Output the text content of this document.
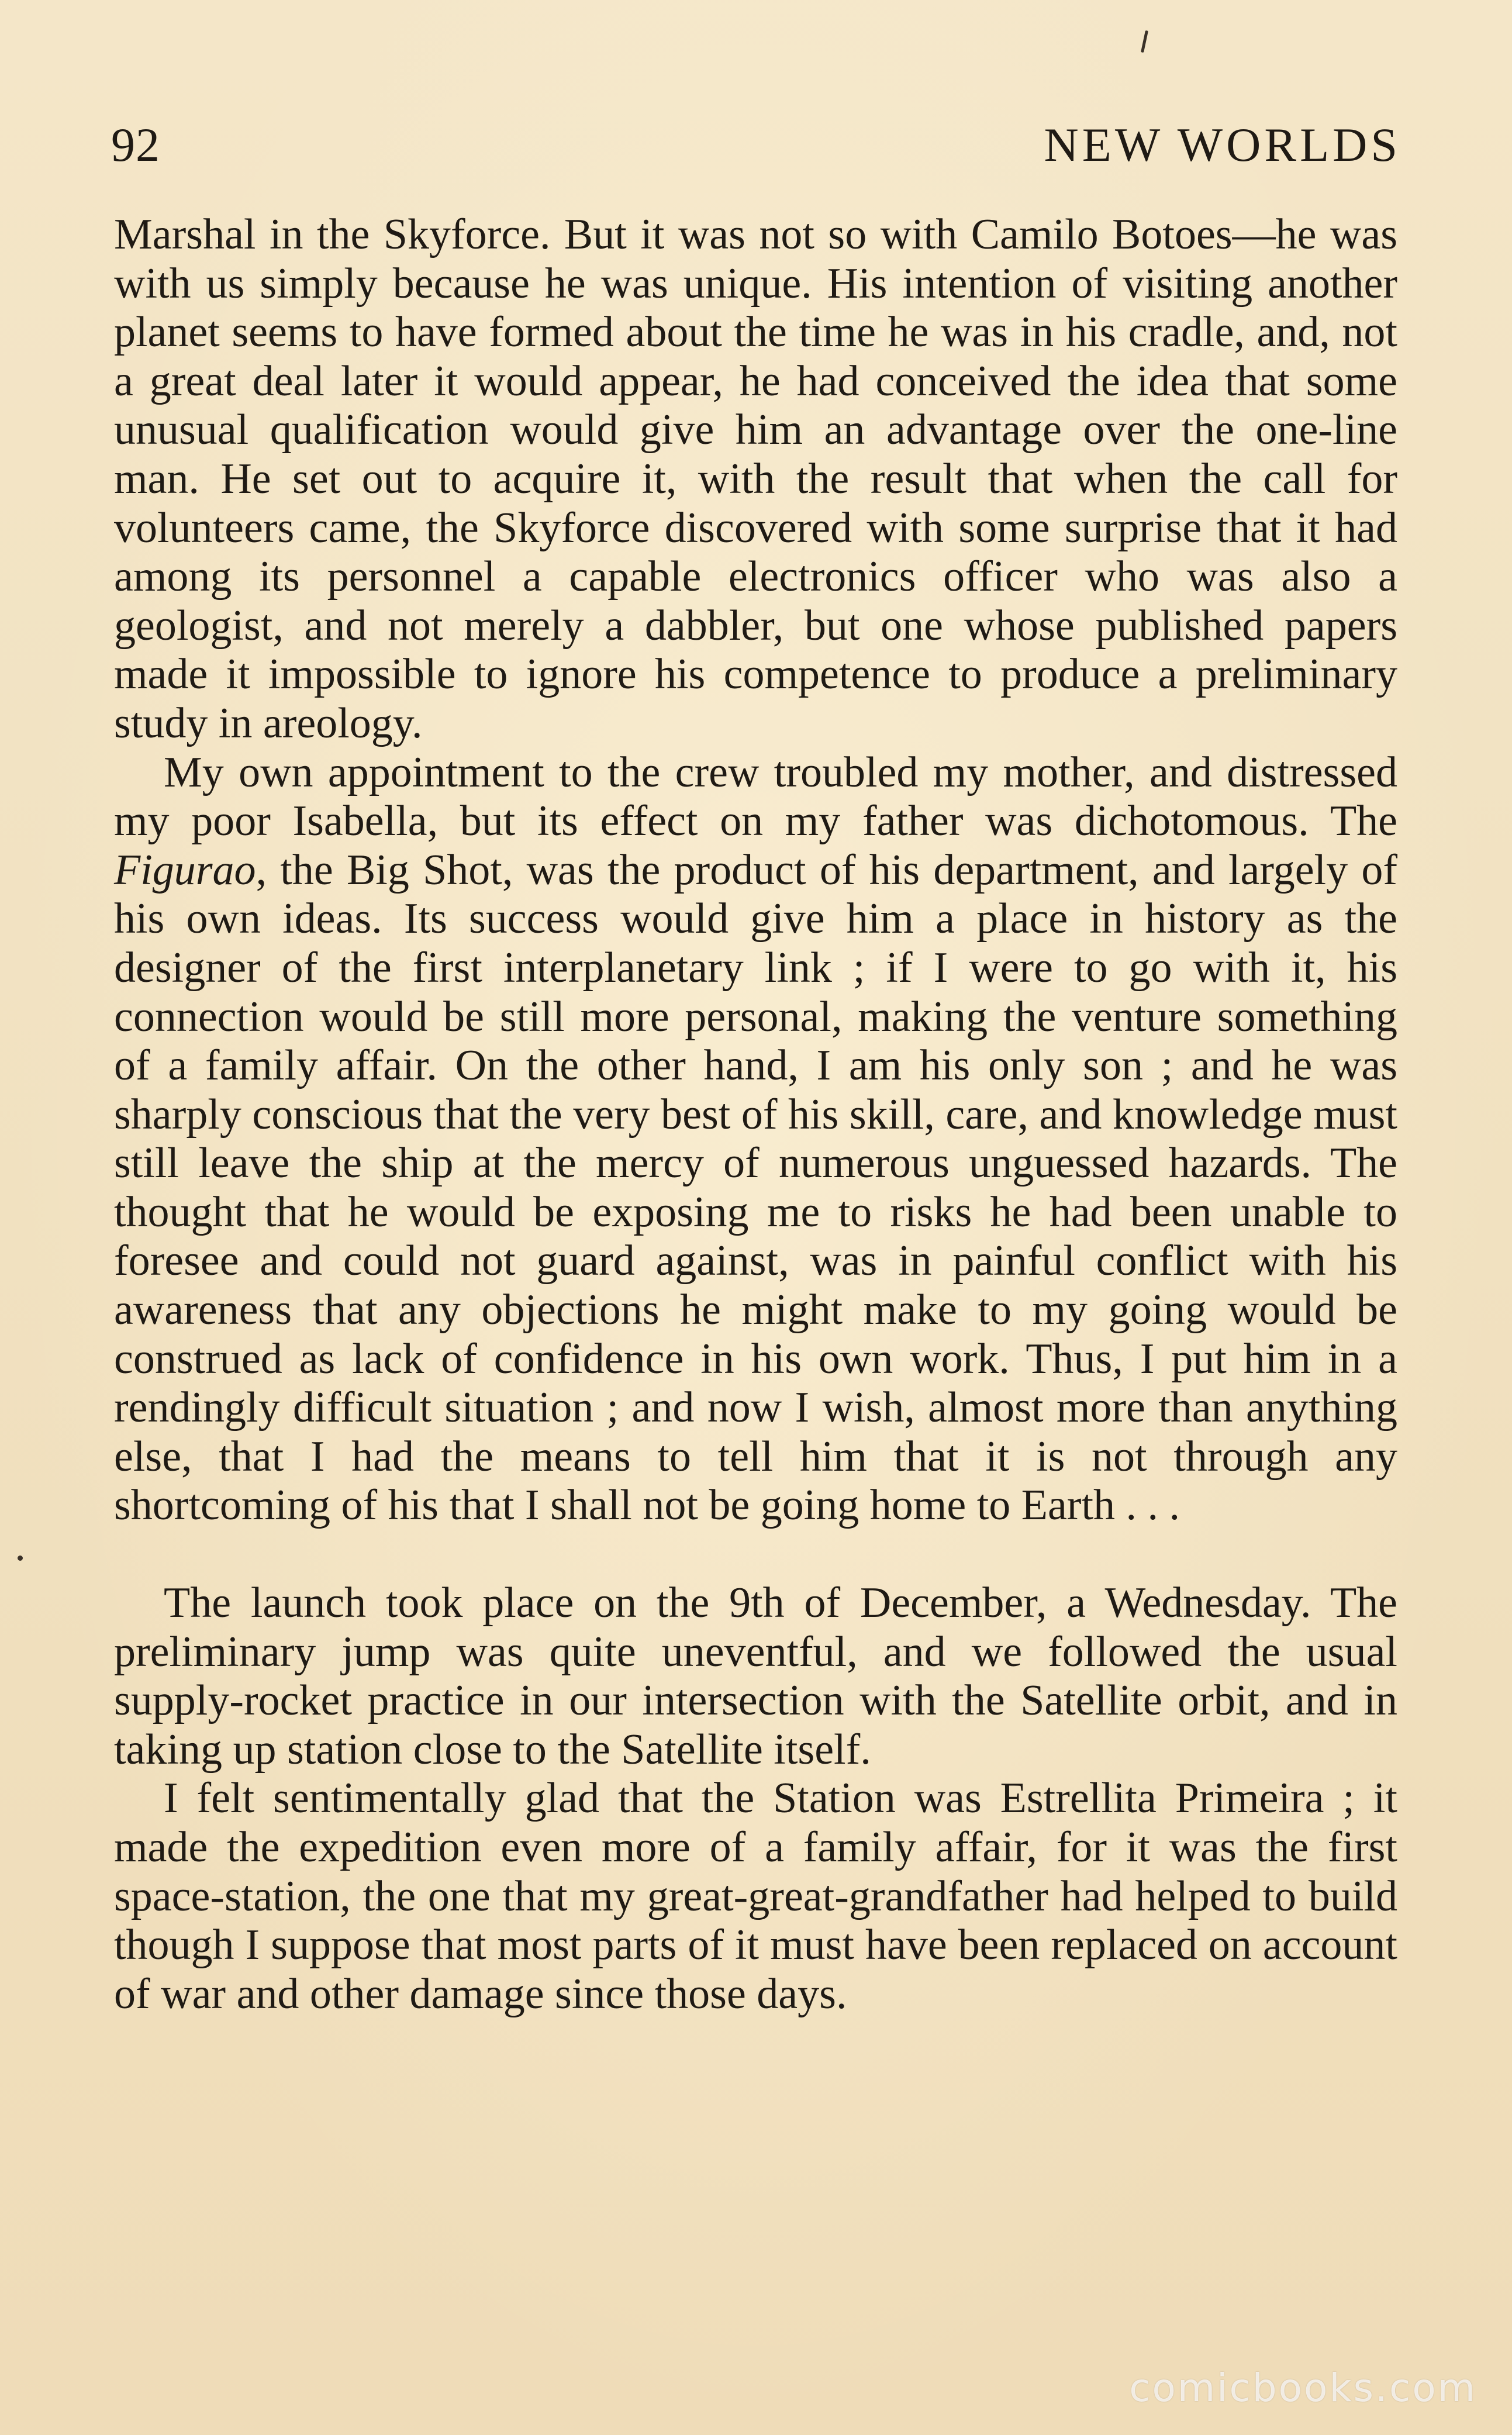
92	NEW WORLDS

Marshal in the Skyforce. But it was not so with Camilo Botoes—he was with us simply because he was unique. His intention of visiting another planet seems to have formed about the time he was in his cradle, and, not a great deal later it would appear, he had conceived the idea that some unusual qualification would give him an advantage over the one-line man. He set out to acquire it, with the result that when the call for volunteers came, the Skyforce discovered with some surprise that it had among its personnel a capable electronics officer who was also a geologist, and not merely a dabbler, but one whose published papers made it impossible to ignore his competence to produce a preliminary study in areology.

My own appointment to the crew troubled my mother, and distressed my poor Isabella, but its effect on my father was dichotomous. The Figurao, the Big Shot, was the product of his department, and largely of his own ideas. Its success would give him a place in history as the designer of the first interplanetary link ; if I were to go with it, his connection would be still more personal, making the venture something of a family affair. On the other hand, I am his only son ; and he was sharply conscious that the very best of his skill, care, and knowledge must still leave the ship at the mercy of numerous unguessed hazards. The thought that he would be exposing me to risks he had been unable to foresee and could not guard against, was in painful conflict with his awareness that any objections he might make to my going would be construed as lack of confidence in his own work. Thus, I put him in a rendingly difficult situation ; and now I wish, almost more than anything else, that I had the means to tell him that it is not through any shortcoming of his that I shall not be going home to Earth . . .

The launch took place on the 9th of December, a Wednesday. The preliminary jump was quite uneventful, and we followed the usual supply-rocket practice in our intersection with the Satellite orbit, and in taking up station close to the Satellite itself.

I felt sentimentally glad that the Station was Estrellita Primeira ; it made the expedition even more of a family affair, for it was the first space-station, the one that my great-great-grandfather had helped to build though I suppose that most parts of it must have been replaced on account of war and other damage since those days.

comicbooks.com
